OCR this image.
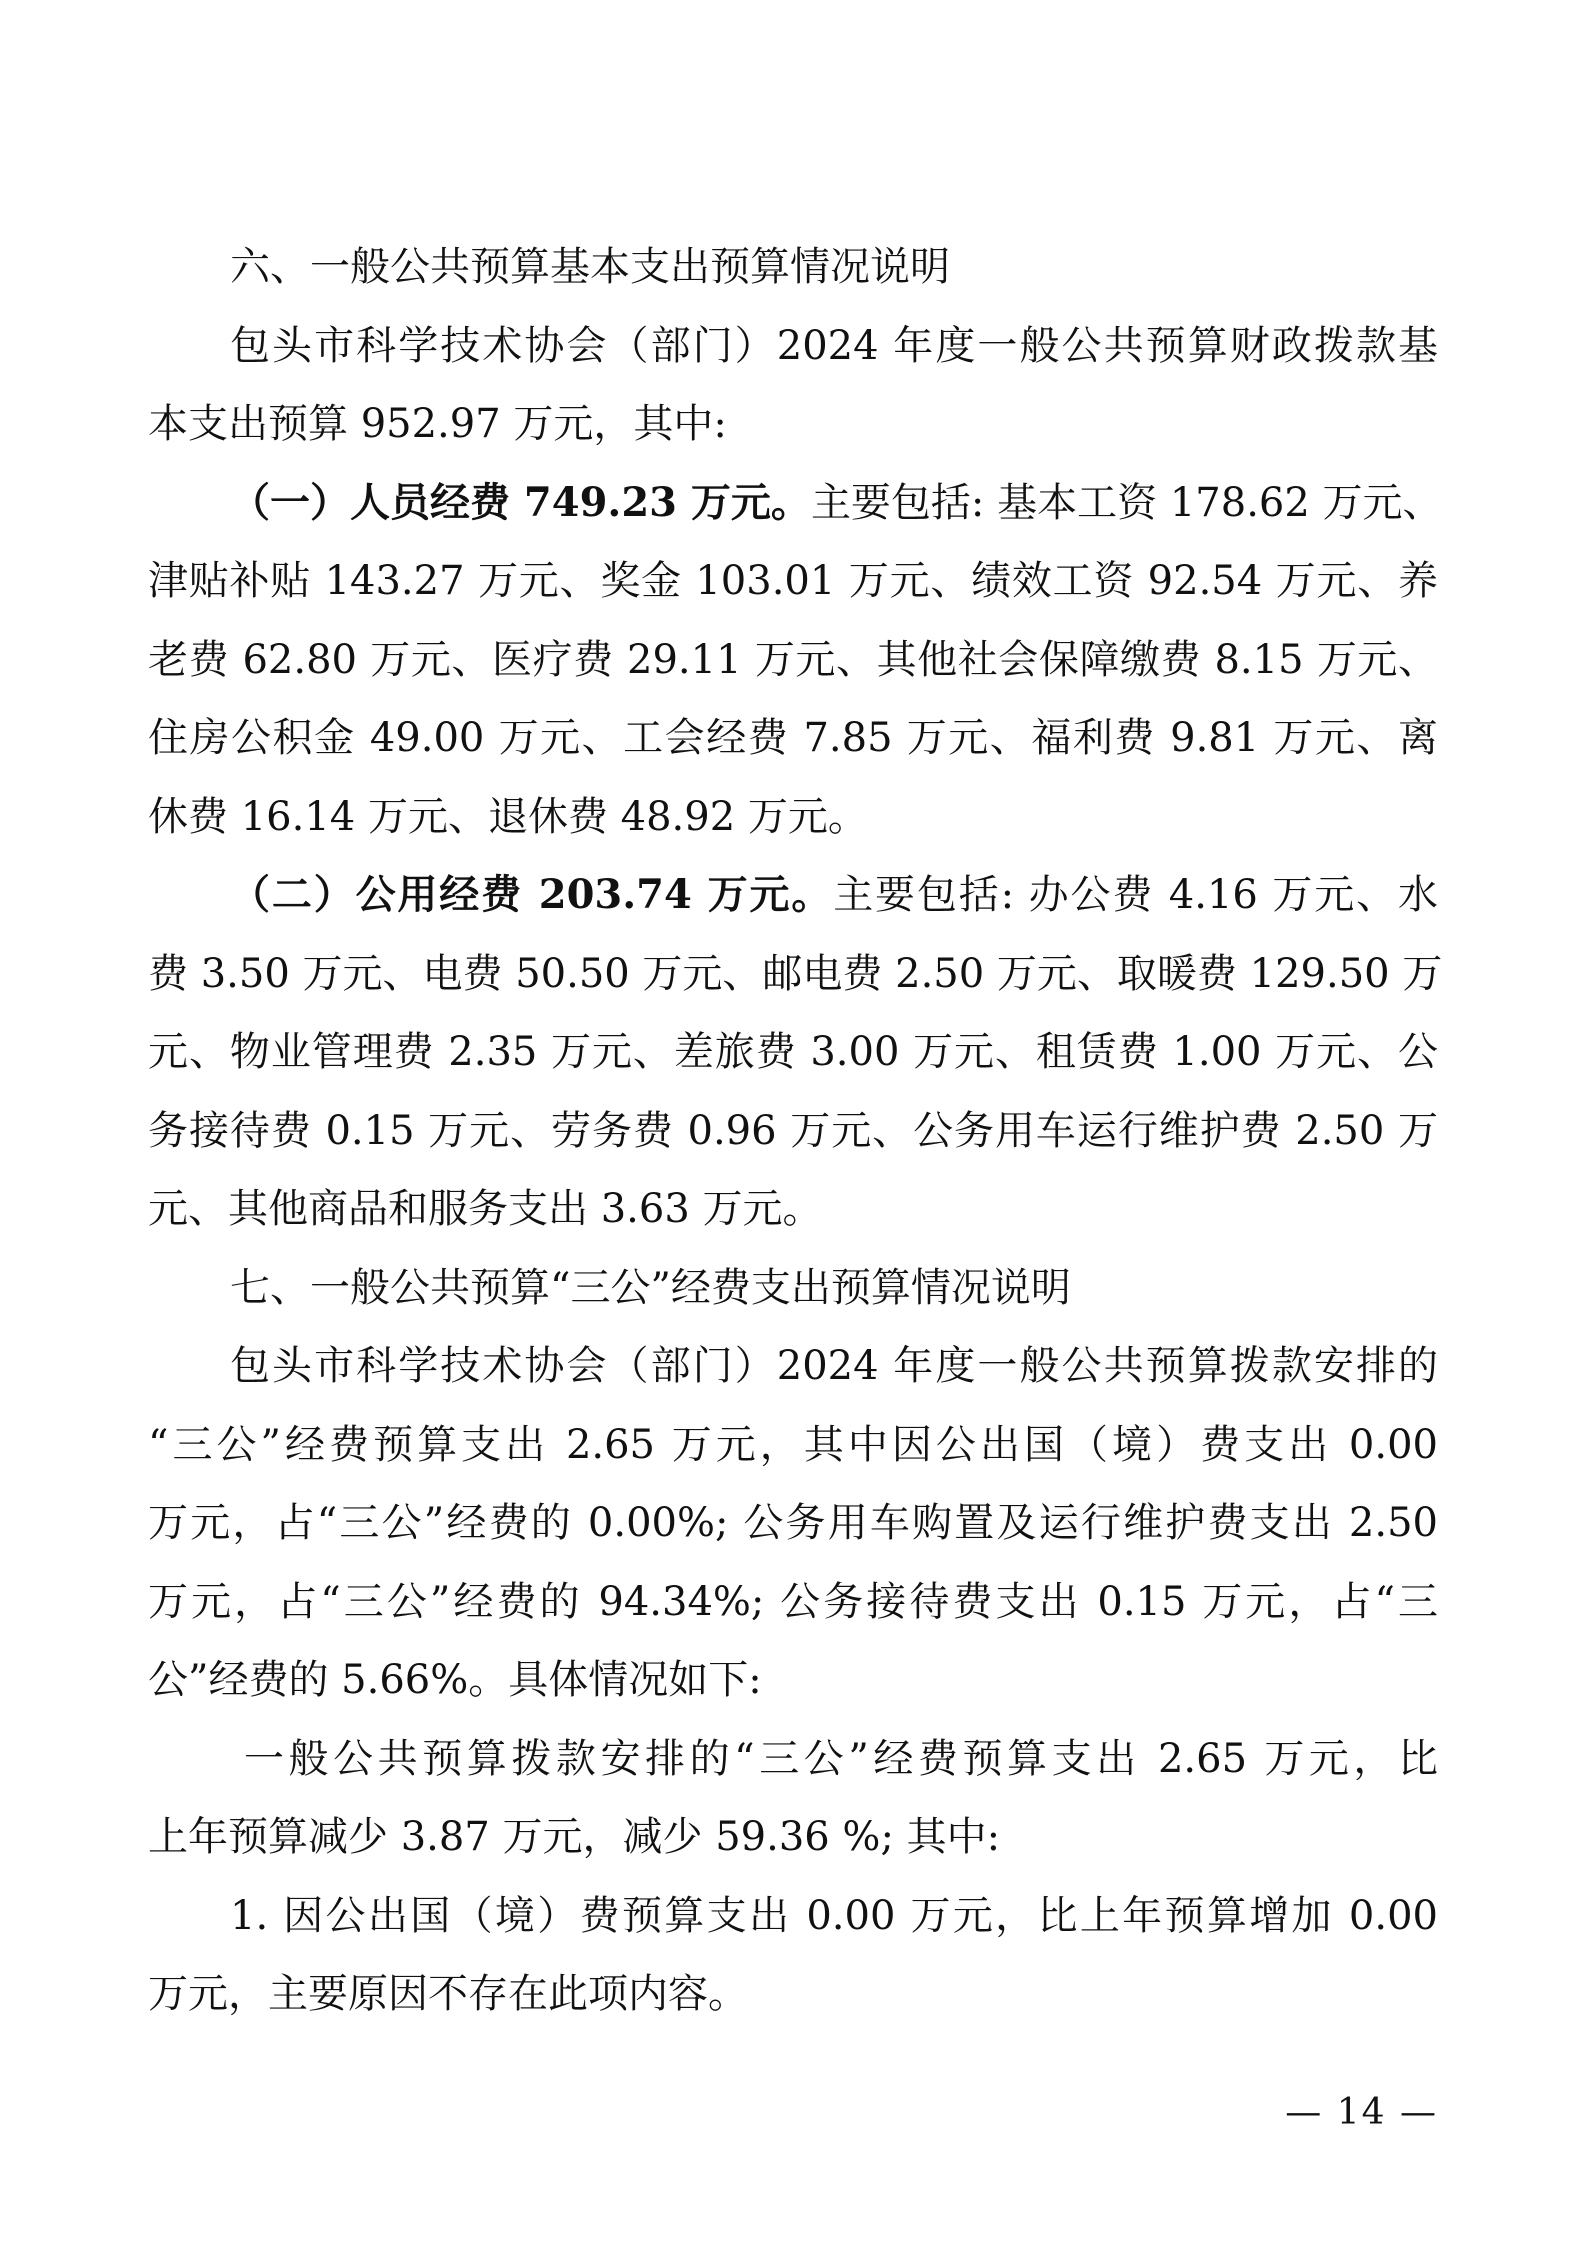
六、一般公共预算基本支出预算情况说明
包头市科学技术协会（部门）2024 年度一般公共预算财政拨款基
本支出预算 952.97 万元，其中:
（一）人员经费 749.23 万元。主要包括: 基本工资 178.62 万元、
津贴补贴 143.27 万元、奖金 103.01 万元、绩效工资 92.54 万元、养
老费 62.80 万元、医疗费 29.11 万元、其他社会保障缴费 8.15 万元、
住房公积金 49.00 万元、工会经费 7.85 万元、福利费 9.81 万元、离
休费 16.14 万元、退休费 48.92 万元。
（二）公用经费 203.74 万元。主要包括: 办公费 4.16 万元、水
费 3.50 万元、电费 50.50 万元、邮电费 2.50 万元、取暖费 129.50 万
元、物业管理费 2.35 万元、差旅费 3.00 万元、租赁费 1.00 万元、公
务接待费 0.15 万元、劳务费 0.96 万元、公务用车运行维护费 2.50 万
元、其他商品和服务支出 3.63 万元。
七、一般公共预算“三公”经费支出预算情况说明
包头市科学技术协会（部门）2024 年度一般公共预算拨款安排的
“三公”经费预算支出 2.65 万元，其中因公出国（境）费支出 0.00
万元，占“三公”经费的 0.00%; 公务用车购置及运行维护费支出 2.50
万元，占“三公”经费的 94.34%; 公务接待费支出 0.15 万元，占“三
公”经费的 5.66%。具体情况如下:
一般公共预算拨款安排的“三公”经费预算支出 2.65 万元，比
上年预算减少 3.87 万元，减少 59.36 %; 其中:
1. 因公出国（境）费预算支出 0.00 万元，比上年预算增加 0.00
万元，主要原因不存在此项内容。
— 14 —
